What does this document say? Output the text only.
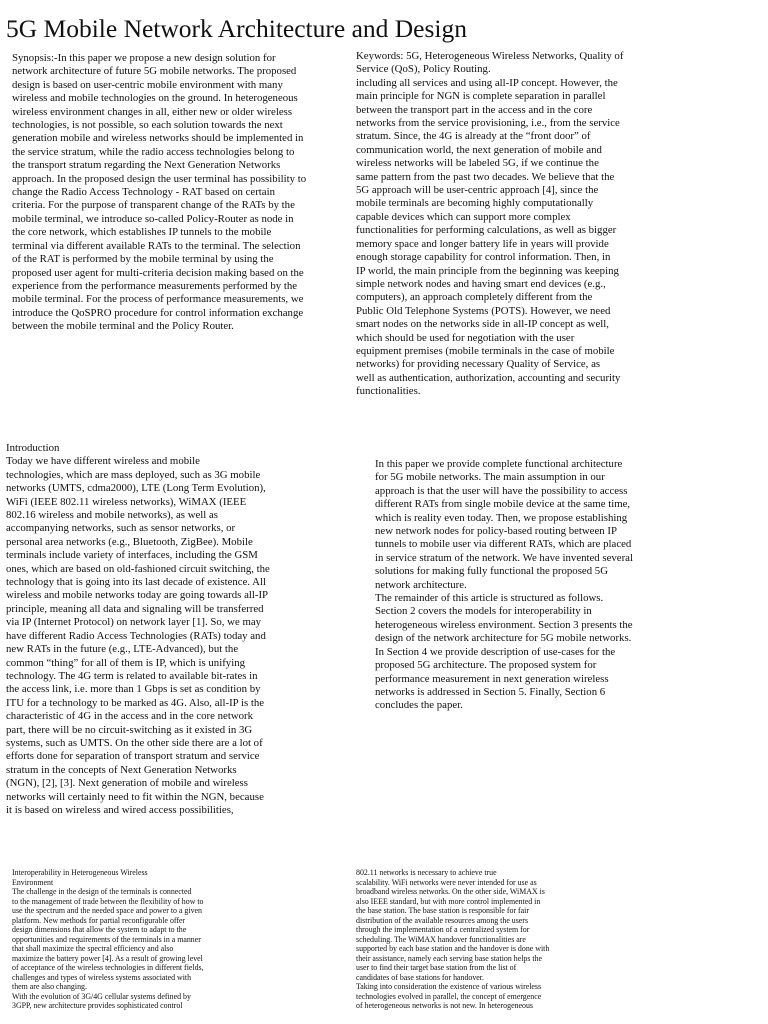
5G Mobile Network Architecture and Design

Synopsis:-In this paper we propose a new design solution for
network architecture of future 5G mobile networks. The proposed
design is based on user-centric mobile environment with many
wireless and mobile technologies on the ground. In heterogeneous
wireless environment changes in all, either new or older wireless
technologies, is not possible, so each solution towards the next
generation mobile and wireless networks should be implemented in
the service stratum, while the radio access technologies belong to
the transport stratum regarding the Next Generation Networks
approach. In the proposed design the user terminal has possibility to
change the Radio Access Technology - RAT based on certain
criteria. For the purpose of transparent change of the RATs by the
mobile terminal, we introduce so-called Policy-Router as node in
the core network, which establishes IP tunnels to the mobile
terminal via different available RATs to the terminal. The selection
of the RAT is performed by the mobile terminal by using the
proposed user agent for multi-criteria decision making based on the
experience from the performance measurements performed by the
mobile terminal. For the process of performance measurements, we
introduce the QoSPRO procedure for control information exchange
between the mobile terminal and the Policy Router.

Keywords: 5G, Heterogeneous Wireless Networks, Quality of
Service (QoS), Policy Routing.
including all services and using all-IP concept. However, the
main principle for NGN is complete separation in parallel
between the transport part in the access and in the core
networks from the service provisioning, i.e., from the service
stratum. Since, the 4G is already at the “front door” of
communication world, the next generation of mobile and
wireless networks will be labeled 5G, if we continue the
same pattern from the past two decades. We believe that the
5G approach will be user-centric approach [4], since the
mobile terminals are becoming highly computationally
capable devices which can support more complex
functionalities for performing calculations, as well as bigger
memory space and longer battery life in years will provide
enough storage capability for control information. Then, in
IP world, the main principle from the beginning was keeping
simple network nodes and having smart end devices (e.g.,
computers), an approach completely different from the
Public Old Telephone Systems (POTS). However, we need
smart nodes on the networks side in all-IP concept as well,
which should be used for negotiation with the user
equipment premises (mobile terminals in the case of mobile
networks) for providing necessary Quality of Service, as
well as authentication, authorization, accounting and security
functionalities.

Introduction
Today we have different wireless and mobile
technologies, which are mass deployed, such as 3G mobile
networks (UMTS, cdma2000), LTE (Long Term Evolution),
WiFi (IEEE 802.11 wireless networks), WiMAX (IEEE
802.16 wireless and mobile networks), as well as
accompanying networks, such as sensor networks, or
personal area networks (e.g., Bluetooth, ZigBee). Mobile
terminals include variety of interfaces, including the GSM
ones, which are based on old-fashioned circuit switching, the
technology that is going into its last decade of existence. All
wireless and mobile networks today are going towards all-IP
principle, meaning all data and signaling will be transferred
via IP (Internet Protocol) on network layer [1]. So, we may
have different Radio Access Technologies (RATs) today and
new RATs in the future (e.g., LTE-Advanced), but the
common “thing” for all of them is IP, which is unifying
technology. The 4G term is related to available bit-rates in
the access link, i.e. more than 1 Gbps is set as condition by
ITU for a technology to be marked as 4G. Also, all-IP is the
characteristic of 4G in the access and in the core network
part, there will be no circuit-switching as it existed in 3G
systems, such as UMTS. On the other side there are a lot of
efforts done for separation of transport stratum and service
stratum in the concepts of Next Generation Networks
(NGN), [2], [3]. Next generation of mobile and wireless
networks will certainly need to fit within the NGN, because
it is based on wireless and wired access possibilities,

In this paper we provide complete functional architecture
for 5G mobile networks. The main assumption in our
approach is that the user will have the possibility to access
different RATs from single mobile device at the same time,
which is reality even today. Then, we propose establishing
new network nodes for policy-based routing between IP
tunnels to mobile user via different RATs, which are placed
in service stratum of the network. We have invented several
solutions for making fully functional the proposed 5G
network architecture.
The remainder of this article is structured as follows.
Section 2 covers the models for interoperability in
heterogeneous wireless environment. Section 3 presents the
design of the network architecture for 5G mobile networks.
In Section 4 we provide description of use-cases for the
proposed 5G architecture. The proposed system for
performance measurement in next generation wireless
networks is addressed in Section 5. Finally, Section 6
concludes the paper.

Interoperability in Heterogeneous Wireless
Environment
The challenge in the design of the terminals is connected
to the management of trade between the flexibility of how to
use the spectrum and the needed space and power to a given
platform. New methods for partial reconfigurable offer
design dimensions that allow the system to adapt to the
opportunities and requirements of the terminals in a manner
that shall maximize the spectral efficiency and also
maximize the battery power [4]. As a result of growing level
of acceptance of the wireless technologies in different fields,
challenges and types of wireless systems associated with
them are also changing.
With the evolution of 3G/4G cellular systems defined by
3GPP, new architecture provides sophisticated control

802.11 networks is necessary to achieve true
scalability. WiFi networks were never intended for use as
broadband wireless networks. On the other side, WiMAX is
also IEEE standard, but with more control implemented in
the base station. The base station is responsible for fair
distribution of the available resources among the users
through the implementation of a centralized system for
scheduling. The WiMAX handover functionalities are
supported by each base station and the handover is done with
their assistance, namely each serving base station helps the
user to find their target base station from the list of
candidates of base stations for handover.
Taking into consideration the existence of various wireless
technologies evolved in parallel, the concept of emergence
of heterogeneous networks is not new. In heterogeneous
